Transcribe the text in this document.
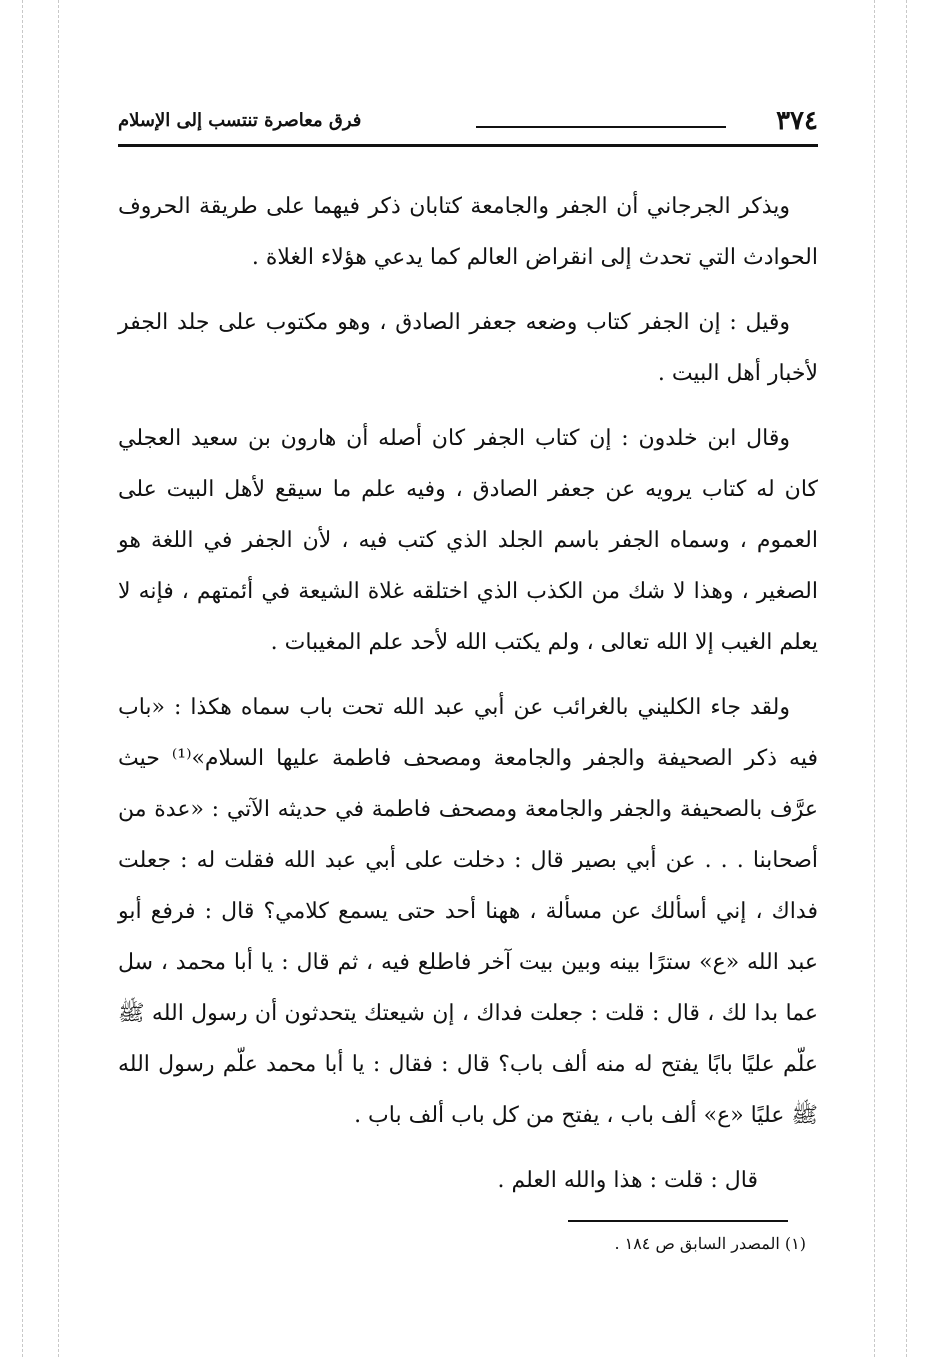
٣٧٤
فرق معاصرة تنتسب إلى الإسلام

ويذكر الجرجاني أن الجفر والجامعة كتابان ذكر فيهما على طريقة الحروف الحوادث التي تحدث إلى انقراض العالم كما يدعي هؤلاء الغلاة .

وقيل : إن الجفر كتاب وضعه جعفر الصادق ، وهو مكتوب على جلد الجفر لأخبار أهل البيت .

وقال ابن خلدون : إن كتاب الجفر كان أصله أن هارون بن سعيد العجلي كان له كتاب يرويه عن جعفر الصادق ، وفيه علم ما سيقع لأهل البيت على العموم ، وسماه الجفر باسم الجلد الذي كتب فيه ، لأن الجفر في اللغة هو الصغير ، وهذا لا شك من الكذب الذي اختلقه غلاة الشيعة في أئمتهم ، فإنه لا يعلم الغيب إلا الله تعالى ، ولم يكتب الله لأحد علم المغيبات .

ولقد جاء الكليني بالغرائب عن أبي عبد الله تحت باب سماه هكذا : «باب فيه ذكر الصحيفة والجفر والجامعة ومصحف فاطمة عليها السلام»⁽¹⁾ حيث عرَّف بالصحيفة والجفر والجامعة ومصحف فاطمة في حديثه الآتي : «عدة من أصحابنا . . . عن أبي بصير قال : دخلت على أبي عبد الله فقلت له : جعلت فداك ، إني أسألك عن مسألة ، ههنا أحد حتى يسمع كلامي؟ قال : فرفع أبو عبد الله «ع» سترًا بينه وبين بيت آخر فاطلع فيه ، ثم قال : يا أبا محمد ، سل عما بدا لك ، قال : قلت : جعلت فداك ، إن شيعتك يتحدثون أن رسول الله ﷺ علّم عليًا بابًا يفتح له منه ألف باب؟ قال : فقال : يا أبا محمد علّم رسول الله ﷺ عليًا «ع» ألف باب ، يفتح من كل باب ألف باب .

قال : قلت : هذا والله العلم .

(١) المصدر السابق ص ١٨٤ .
